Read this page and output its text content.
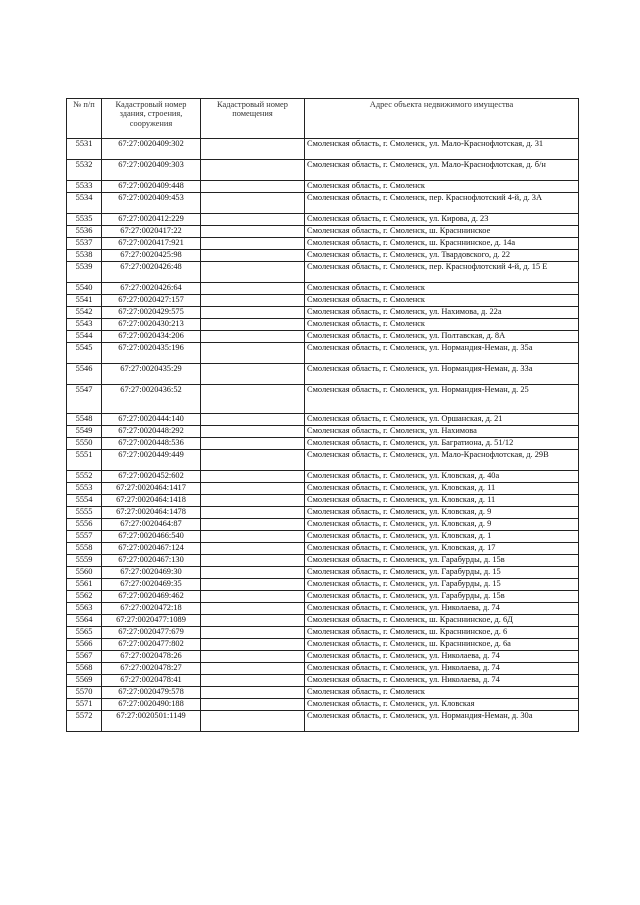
№ п/п	Кадастровый номер здания, строения, сооружения	Кадастровый номер помещения	Адрес объекта недвижимого имущества
5531	67:27:0020409:302		Смоленская область, г. Смоленск, ул. Мало-Краснофлотская, д. 31
5532	67:27:0020409:303		Смоленская область, г. Смоленск, ул. Мало-Краснофлотская, д. б/н
5533	67:27:0020409:448		Смоленская область, г. Смоленск
5534	67:27:0020409:453		Смоленская область, г. Смоленск, пер. Краснофлотский 4-й, д. 3А
5535	67:27:0020412:229		Смоленская область, г. Смоленск, ул. Кирова, д. 23
5536	67:27:0020417:22		Смоленская область, г. Смоленск, ш. Красннинское
5537	67:27:0020417:921		Смоленская область, г. Смоленск, ш. Красннинское, д. 14а
5538	67:27:0020425:98		Смоленская область, г. Смоленск, ул. Твардовского, д. 22
5539	67:27:0020426:48		Смоленская область, г. Смоленск, пер. Краснофлотский 4-й, д. 15 Е
5540	67:27:0020426:64		Смоленская область, г. Смоленск
5541	67:27:0020427:157		Смоленская область, г. Смоленск
5542	67:27:0020429:575		Смоленская область, г. Смоленск, ул. Нахимова, д. 22а
5543	67:27:0020430:213		Смоленская область, г. Смоленск
5544	67:27:0020434:206		Смоленская область, г. Смоленск, ул. Полтавская, д. 8А
5545	67:27:0020435:196		Смоленская область, г. Смоленск, ул. Нормандия-Неман, д. 35а
5546	67:27:0020435:29		Смоленская область, г. Смоленск, ул. Нормандия-Неман, д. 33а
5547	67:27:0020436:52		Смоленская область, г. Смоленск, ул. Нормандия-Неман, д. 25
5548	67:27:0020444:140		Смоленская область, г. Смоленск, ул. Оршанская, д. 21
5549	67:27:0020448:292		Смоленская область, г. Смоленск, ул. Нахимова
5550	67:27:0020448:536		Смоленская область, г. Смоленск, ул. Багратиона, д. 51/12
5551	67:27:0020449:449		Смоленская область, г. Смоленск, ул. Мало-Краснофлотская, д. 29В
5552	67:27:0020452:602		Смоленская область, г. Смоленск, ул. Кловская, д. 40а
5553	67:27:0020464:1417		Смоленская область, г. Смоленск, ул. Кловская, д. 11
5554	67:27:0020464:1418		Смоленская область, г. Смоленск, ул. Кловская, д. 11
5555	67:27:0020464:1478		Смоленская область, г. Смоленск, ул. Кловская, д. 9
5556	67:27:0020464:87		Смоленская область, г. Смоленск, ул. Кловская, д. 9
5557	67:27:0020466:540		Смоленская область, г. Смоленск, ул. Кловская, д. 1
5558	67:27:0020467:124		Смоленская область, г. Смоленск, ул. Кловская, д. 17
5559	67:27:0020467:130		Смоленская область, г. Смоленск, ул. Гарабурды, д. 15в
5560	67:27:0020469:30		Смоленская область, г. Смоленск, ул. Гарабурды, д. 15
5561	67:27:0020469:35		Смоленская область, г. Смоленск, ул. Гарабурды, д. 15
5562	67:27:0020469:462		Смоленская область, г. Смоленск, ул. Гарабурды, д. 15в
5563	67:27:0020472:18		Смоленская область, г. Смоленск, ул. Николаева, д. 74
5564	67:27:0020477:1089		Смоленская область, г. Смоленск, ш. Красннинское, д. 6Д
5565	67:27:0020477:679		Смоленская область, г. Смоленск, ш. Красннинское, д. 6
5566	67:27:0020477:802		Смоленская область, г. Смоленск, ш. Красннинское, д. 6а
5567	67:27:0020478:26		Смоленская область, г. Смоленск, ул. Николаева, д. 74
5568	67:27:0020478:27		Смоленская область, г. Смоленск, ул. Николаева, д. 74
5569	67:27:0020478:41		Смоленская область, г. Смоленск, ул. Николаева, д. 74
5570	67:27:0020479:578		Смоленская область, г. Смоленск
5571	67:27:0020490:188		Смоленская область, г. Смоленск, ул. Кловская
5572	67:27:0020501:1149		Смоленская область, г. Смоленск, ул. Нормандия-Неман, д. 30а
